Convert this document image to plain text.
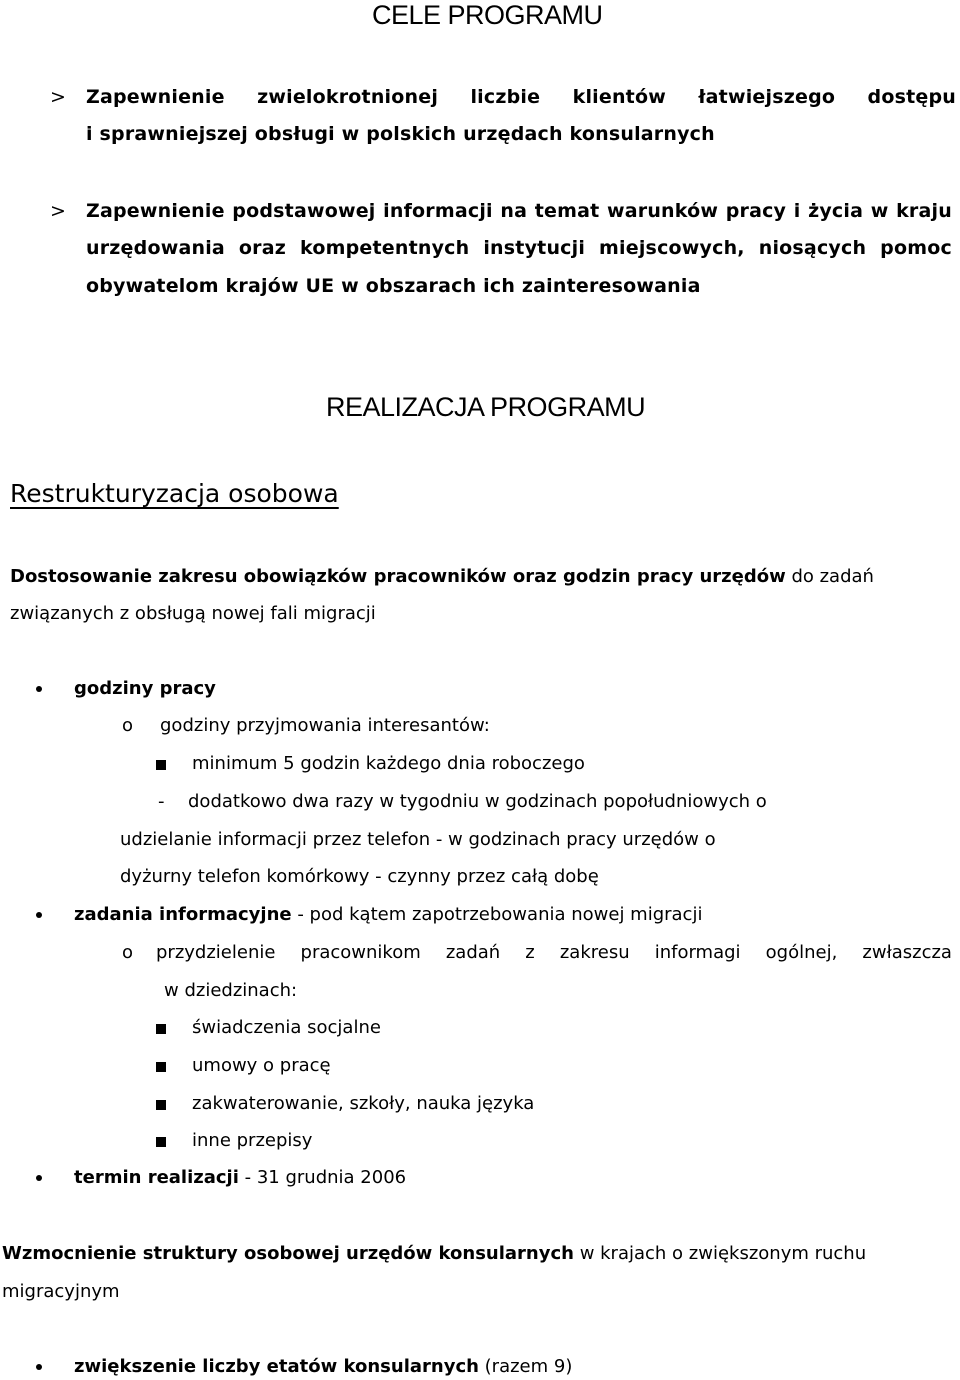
CELE PROGRAMU
> Zapewnienie zwielokrotnionej liczbie klientów łatwiejszego dostępu
i sprawniejszej obsługi w polskich urzędach konsularnych
> Zapewnienie podstawowej informacji na temat warunków pracy i życia w kraju
urzędowania oraz kompetentnych instytucji miejscowych, niosących pomoc
obywatelom krajów UE w obszarach ich zainteresowania
REALIZACJA PROGRAMU
Restrukturyzacja osobowa
Dostosowanie zakresu obowiązków pracowników oraz godzin pracy urzędów do zadań
związanych z obsługą nowej fali migracji
godziny pracy
o godziny przyjmowania interesantów:
minimum 5 godzin każdego dnia roboczego
- dodatkowo dwa razy w tygodniu w godzinach popołudniowych o
udzielanie informacji przez telefon - w godzinach pracy urzędów o
dyżurny telefon komórkowy - czynny przez całą dobę
zadania informacyjne - pod kątem zapotrzebowania nowej migracji
o przydzielenie pracownikom zadań z zakresu informagi ogólnej, zwłaszcza
w dziedzinach:
świadczenia socjalne
umowy o pracę
zakwaterowanie, szkoły, nauka języka
inne przepisy
termin realizacji - 31 grudnia 2006
Wzmocnienie struktury osobowej urzędów konsularnych w krajach o zwiększonym ruchu
migracyjnym
zwiększenie liczby etatów konsularnych (razem 9)
